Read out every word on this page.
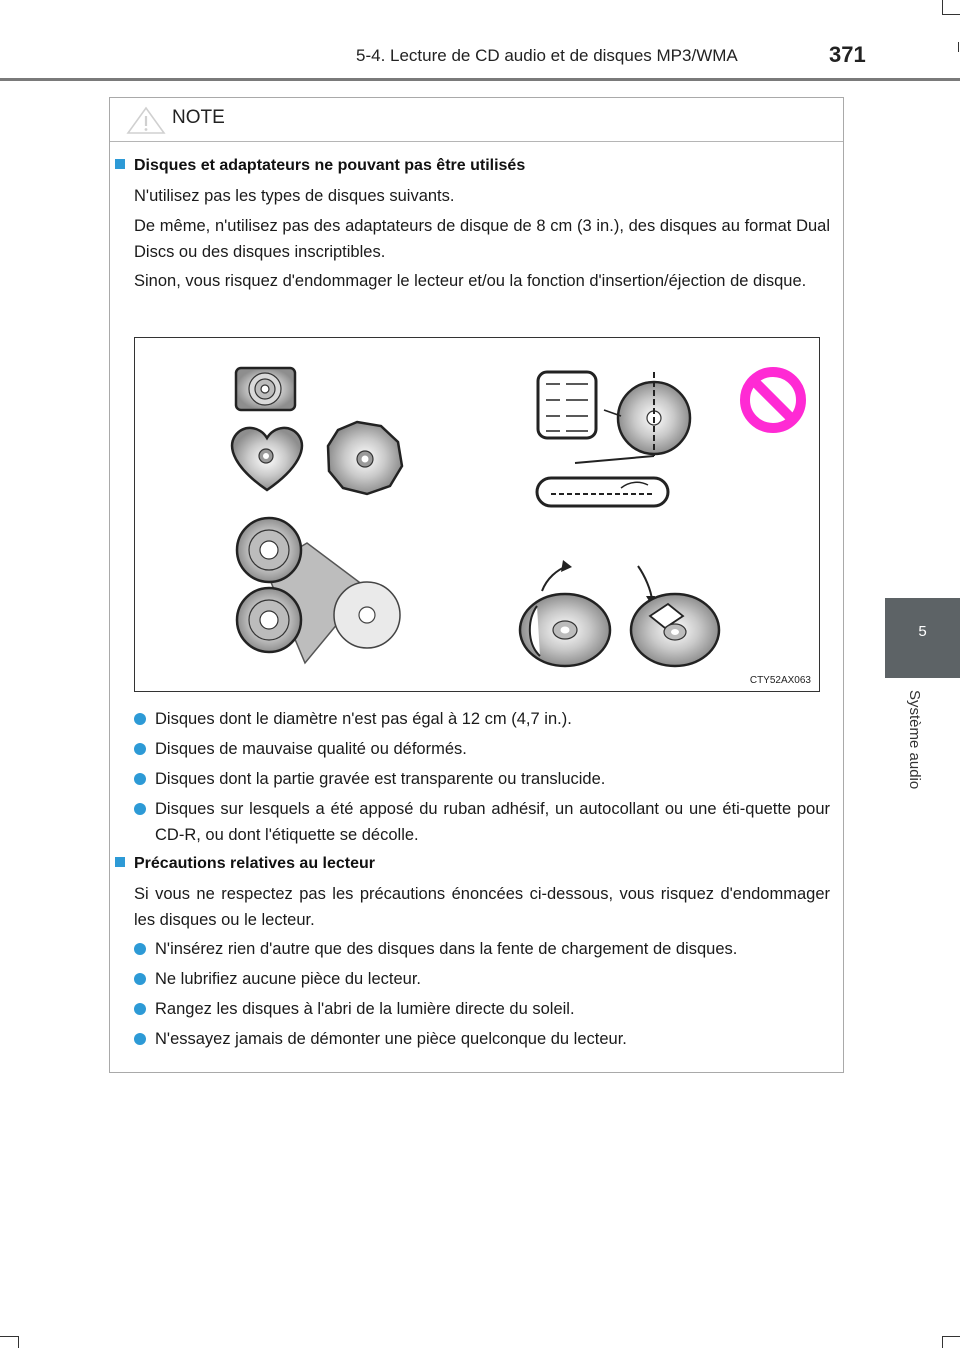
5-4. Lecture de CD audio et de disques MP3/WMA	371
5
Système audio
NOTE
Disques et adaptateurs ne pouvant pas être utilisés

N'utilisez pas les types de disques suivants.

De même, n'utilisez pas des adaptateurs de disque de 8 cm (3 in.), des disques au format Dual Discs ou des disques inscriptibles.

Sinon, vous risquez d'endommager le lecteur et/ou la fonction d'insertion/éjection de disque.

CTY52AX063
Disques dont le diamètre n'est pas égal à 12 cm (4,7 in.).
Disques de mauvaise qualité ou déformés.
Disques dont la partie gravée est transparente ou translucide.
Disques sur lesquels a été apposé du ruban adhésif, un autocollant ou une éti-quette pour CD-R, ou dont l'étiquette se décolle.
Précautions relatives au lecteur

Si vous ne respectez pas les précautions énoncées ci-dessous, vous risquez d'endommager les disques ou le lecteur.

N'insérez rien d'autre que des disques dans la fente de chargement de disques.
Ne lubrifiez aucune pièce du lecteur.
Rangez les disques à l'abri de la lumière directe du soleil.
N'essayez jamais de démonter une pièce quelconque du lecteur.
